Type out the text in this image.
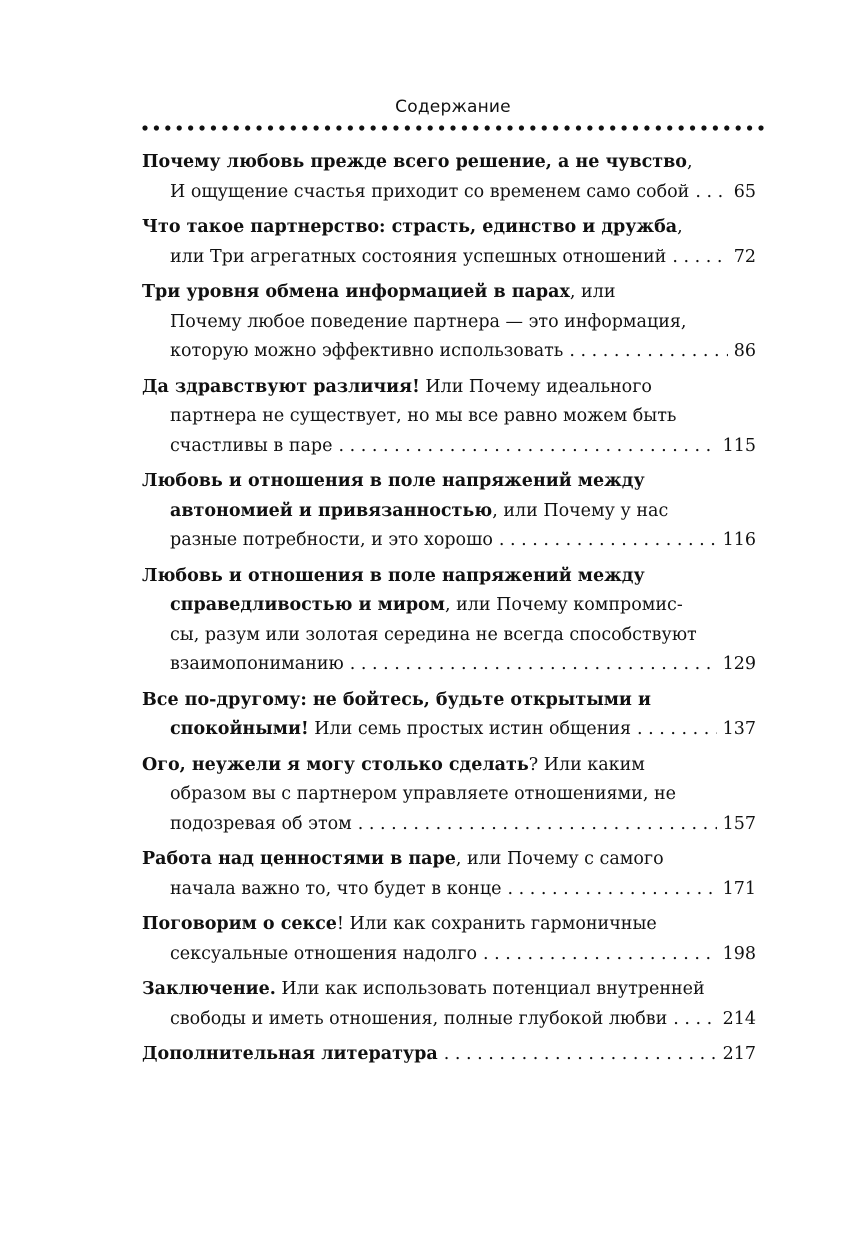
Содержание
Почему любовь прежде всего решение, а не чувство,
И ощущение счастья приходит со временем само собой . . .	65
Что такое партнерство: страсть, единство и дружба,
или Три агрегатных состояния успешных отношений . . .	72
Три уровня обмена информацией в парах, или
Почему любое поведение партнера — это информация,
которую можно эффективно использовать . . .	86
Да здравствуют различия! Или Почему идеального
партнера не существует, но мы все равно можем быть
счастливы в паре . . .	115
Любовь и отношения в поле напряжений между
автономией и привязанностью, или Почему у нас
разные потребности, и это хорошо . . .	116
Любовь и отношения в поле напряжений между
справедливостью и миром, или Почему компромис-
сы, разум или золотая середина не всегда способствуют
взаимопониманию . . .	129
Все по-другому: не бойтесь, будьте открытыми и
спокойными! Или семь простых истин общения . . .	137
Ого, неужели я могу столько сделать? Или каким
образом вы с партнером управляете отношениями, не
подозревая об этом . . .	157
Работа над ценностями в паре, или Почему с самого
начала важно то, что будет в конце . . .	171
Поговорим о сексе! Или как сохранить гармоничные
сексуальные отношения надолго . . .	198
Заключение. Или как использовать потенциал внутренней
свободы и иметь отношения, полные глубокой любви . . .	214
Дополнительная литература . . .	217
